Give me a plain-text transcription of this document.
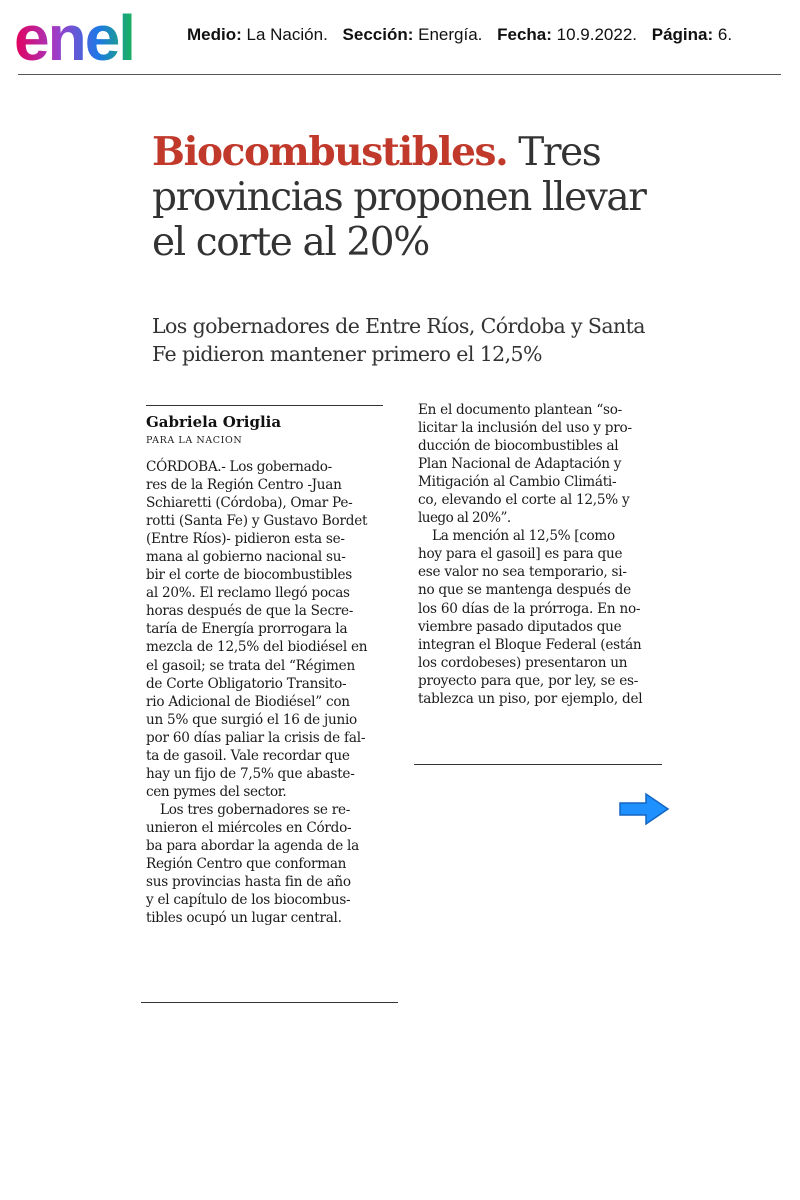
enel	Medio: La Nación. Sección: Energía. Fecha: 10.9.2022. Página: 6.
Biocombustibles. Tres provincias proponen llevar el corte al 20%
Los gobernadores de Entre Ríos, Córdoba y Santa Fe pidieron mantener primero el 12,5%
Gabriela Origlia
PARA LA NACION
CÓRDOBA.- Los gobernado-
res de la Región Centro -Juan
Schiaretti (Córdoba), Omar Pe-
rotti (Santa Fe) y Gustavo Bordet
(Entre Ríos)- pidieron esta se-
mana al gobierno nacional su-
bir el corte de biocombustibles
al 20%. El reclamo llegó pocas
horas después de que la Secre-
taría de Energía prorrogara la
mezcla de 12,5% del biodiésel en
el gasoil; se trata del “Régimen
de Corte Obligatorio Transito-
rio Adicional de Biodiésel” con
un 5% que surgió el 16 de junio
por 60 días paliar la crisis de fal-
ta de gasoil. Vale recordar que
hay un fijo de 7,5% que abaste-
cen pymes del sector.
Los tres gobernadores se re-
unieron el miércoles en Córdo-
ba para abordar la agenda de la
Región Centro que conforman
sus provincias hasta fin de año
y el capítulo de los biocombus-
tibles ocupó un lugar central.
En el documento plantean “so-
licitar la inclusión del uso y pro-
ducción de biocombustibles al
Plan Nacional de Adaptación y
Mitigación al Cambio Climáti-
co, elevando el corte al 12,5% y
luego al 20%”.
La mención al 12,5% [como
hoy para el gasoil] es para que
ese valor no sea temporario, si-
no que se mantenga después de
los 60 días de la prórroga. En no-
viembre pasado diputados que
integran el Bloque Federal (están
los cordobeses) presentaron un
proyecto para que, por ley, se es-
tablezca un piso, por ejemplo, del
